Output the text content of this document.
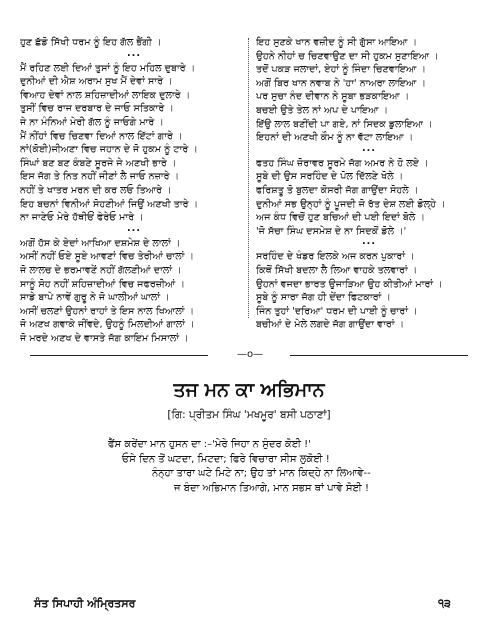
ਹੁਣ ਛੱਡੋ ਸਿੱਖੀ ਧਰਮ ਨੂੰ ਇਹ ਗੱਲ ਭੈਂਗੀ ।
...
ਮੈਂ ਰਹਿਣ ਲਈ ਦਿਆਂ ਤੁਸਾਂ ਨੂੰ ਇਹ ਮਹਿਲ ਦੁਬਾਰੇ ।
ਦੁਨੀਆਂ ਦੀ ਐਸ਼ ਅਰਾਮ ਸੁਖ ਮੈਂ ਦੇਵਾਂ ਸਾਰੇ ।
ਵਿਆਹ ਦੇਵਾਂ ਨਾਲ ਸ਼ਹਿਜ਼ਾਦੀਆਂ ਲਾਇਕ ਦੁਲਾਰੇ ।
ਤੁਸੀਂ ਵਿਚ ਰਾਜ ਦਰਬਾਰ ਦੇ ਜਾਓ ਸਤਿਕਾਰੇ ।
ਜੇ ਨਾ ਮੰਨਿਆਂ ਮੇਰੀ ਗੱਲ ਨੂੰ ਜਾਓਗੇ ਮਾਰੇ ।
ਮੈਂ ਨੀਂਹਾਂ ਵਿਚ ਚਿਣਵਾ ਦਿਆਂ ਨਾਲ ਇੱਟਾਂ ਗਾਰੇ ।
ਨਾਂ(ਕੋਈ)ਜੀਅਣਾ ਵਿਚ ਜਹਾਨ ਦੇ ਜੋ ਹੁਕਮ ਨੂੰ ਟਾਰੇ ।
ਸਿੰਘਾਂ ਬਣ ਬਣ ਕੰਬਣੇ ਸੂਰਜੇ ਜੇ ਅਣਖੀ ਭਾਰੇ ।
ਇਸ ਜੱਗ ਤੇ ਨਿਤ ਨਹੀਂ ਜੀਣਾਂ ਲੈ ਜਾਓ ਨਜ਼ਾਰੇ ।
ਨਹੀਂ ਤੇ ਖਾਤਰ ਮਰਨ ਦੀ ਕਰ ਲਓ ਤਿਆਰੇ ।
ਇਹ ਬਚਨਾਂ ਵਿਨੀਆਂ ਸੋਹਣੀਆਂ ਜਿਉਂ ਅਣਖੀ ਤਾਰੇ ।
ਨਾ ਜਾਣੇਓ ਮੇਰੇ ਹੱਥੀਓਂ ਫੇਰੇਓ ਮਾਰੇ ।
...
ਅਗੋਂ ਹੱਸ ਕੇ ਏਦਾਂ ਆਖਿਆ ਦਸ਼ਮੇਸ਼ ਦੇ ਲਾਲਾਂ ।
ਅਸੀਂ ਨਹੀਂ ਓਏ ਸੂਏ ਆਵਣਾਂ ਵਿਚ ਤੇਰੀਆਂ ਚਾਲਾਂ ।
ਜੋ ਲਾਲਚ ਦੇ ਭਰਮਾਵਣੇਂ ਨਹੀਂ ਗੱਲਣੀਆਂ ਦਾਲਾਂ ।
ਸਾਨੂੰ ਸੋਹ ਨਹੀਂ ਸ਼ਹਿਜ਼ਾਦੀਆਂ ਵਿਚ ਜਫਰਜ਼ੀਆਂ ।
ਸਾਡੇ ਬਾਪੇ ਨਾਵੇਂ ਗੁਰੂ ਨੇ ਜੋ ਘਾਲੀਆਂ ਘਾਲਾਂ ।
ਅਸੀਂ ਚਲਣਾਂ ਉਹਨਾਂ ਰਾਹਾਂ ਤੇ ਇਸ ਨਾਲ ਖਿਆਲਾਂ ।
ਜੋ ਅਣਖ ਗਵਾਕੇ ਜੀਂਵਦੇ, ਉਹਨੂੰ ਮਿਲਦੀਆਂ ਗਾਲਾਂ ।
ਜੋ ਮਰਦੇ ਅਣਖ ਦੇ ਵਾਸਤੇ ਜੱਗ ਕਾਇਮ ਮਿਸਾਲਾਂ ।
ਇਹ ਸੁਣਕੇ ਖਾਨ ਵਜ਼ੀਦ ਨੂੰ ਸੀ ਗੁੱਸਾ ਆਇਆ ।
ਉਹਨੇ ਨੀਹਾਂ ਚ ਚਿਣਵਾਉਣ ਦਾ ਸੀ ਹੁਕਮ ਸੁਣਾਇਆ ।
ਤਦੋਂ ਪਕੜ ਜਲਾਦਾਂ, ਏਹਾਂ ਨੂੰ ਜਿੰਦਾ ਚਿਣਵਾਇਆ ।
ਅਗੋਂ ਬਿਰ ਖਾਨ ਨਵਾਬ ਨੇ 'ਹਾ' ਨਾਅਰਾ ਲਾਇਆ ।
ਪਰ ਸੁਚਾ ਨੰਦ ਦੀਵਾਨ ਨੇ ਸੂਬਾ ਭੜਕਾਇਆ ।
ਬਚਈ ਉਤੇ ਤੇਲ ਨਾਂ ਅਪ ਦੇ ਪਾਇਆ ।
ਇੱਉ ਲਾਲ ਬਣੀਂਦੀ ਪਾ ਗਏ, ਨਾਂ ਸਿਦਕ ਡੁਲਾਇਆ ।
ਇਹਨਾਂ ਦੀ ਅਣਖੀ ਕੌਮ ਨੂੰ ਨਾ ਵੱਟਾ ਲਾਇਆ ।
...
ਫਤਹ ਸਿੰਘ ਜ਼ੋਰਾਵਰ ਸੂਰਮੇ ਜੱਗ ਅਮਰ ਨੇ ਹੋ ਲਏ ।
ਸੂਬੇ ਦੀ ਉਸ ਸਰਹਿੰਦ ਦੇ ਪੋਲ ਦਿੱਲਣੇ ਖੋਲੇ ।
ਫਰਿਸ਼ਤੂ ਤੋ ਬੁਲਦਾ ਕੋਸਰੀ ਜੱਗ ਗਾਉਂਦਾ ਸੋਹਲੇ ।
ਦੁਨੀਆਂ ਸਭ ਉਨ੍ਹਾਂ ਨੂੰ ਪੂਜਦੀ ਜੋ ਰੱਤ ਦੇਸ਼ ਲਈ ਡੋਲ੍ਹੇ ।
ਅਜ ਕੰਧ ਵਿਚੋਂ ਹੁਣ ਬਚਿਆਂ ਦੀ ਪਈ ਇਦਾਂ ਬੋਲੇ ।
'ਜੋ ਸੱਚਾ ਸਿੰਘ ਦਸਮੇਸ਼ ਦੇ ਨਾ ਸਿਦਕੋਂ ਡੋਲੇ ।'
...
ਸਰਹਿੰਦ ਦੇ ਖੰਡਰ ਇਲਕੇ ਅਜ ਕਰਨ ਪੁਕਾਰਾਂ ।
ਕਿਥੋਂ ਸਿੱਖੀ ਬਦਲਾ ਲੈ ਲਿਆ ਵਾਹਕੇ ਤਲਵਾਰਾਂ ।
ਉਹਨਾਂ ਵਜਦਾ ਭਾਰਤ ਉਜਾੜਿਆ ਉਹ ਕੀਤੀਆਂ ਮਾਰਾਂ ।
ਸੂਬੇ ਨੂੰ ਸਾਰਾ ਜੱਗ ਹੀ ਦੇਂਦਾ ਫਿਟਕਾਰਾਂ ।
ਜਿੰਨ ਤੁਹਾਂ 'ਦਰਿਆ' ਧਰਮ ਦੀ ਪਾਈ ਨੂੰ ਚਾਰਾਂ ।
ਬਚੀਆਂ ਦੇ ਮੇਲੇ ਲਗਦੇ ਜੱਗ ਗਾਉਂਦਾ ਵਾਰਾਂ ।
—o—
ਤਜ ਮਨ ਕਾ ਅਭਿਮਾਨ
[ਗਿ: ਪ੍ਰੀਤਮ ਸਿੰਘ 'ਮਖਮੂਰ' ਬਸੀ ਪਠਾਣਾਂ]
ਫੈਂਸ ਕਰੇਂਦਾ ਮਾਨ ਹੁਸਨ ਦਾ :–'ਮੇਰੇ ਜਿਹਾ ਨ ਸੁੰਦਰ ਕੋਈ !'
ਓਸੇ ਦਿਨ ਤੋਂ ਘਟਦਾ, ਮਿਟਦਾ; ਫਿਰੇ ਵਿਚਾਰਾ ਸੀਸ ਲੁਕੋਈ !
ਨੰਨ੍ਹਾ ਤਾਰਾ ਘਟੇ ਮਿਟੇ ਨਾ; ਉਹ ਤਾਂ ਮਾਨ ਕਿਦ੍ਹੇ ਨਾ ਲਿਆਵੇ--
ਜ ਬੰਦਾ ਅਭਿਮਾਨ ਤਿਆਗੇ, ਮਾਨ ਸਭਸ ਥਾਂ ਪਾਵੇ ਸੋਈ !
ਸੰਤ ਸਿਪਾਹੀ ਅੰਮ੍ਰਿਤਸਰ	੧੩
